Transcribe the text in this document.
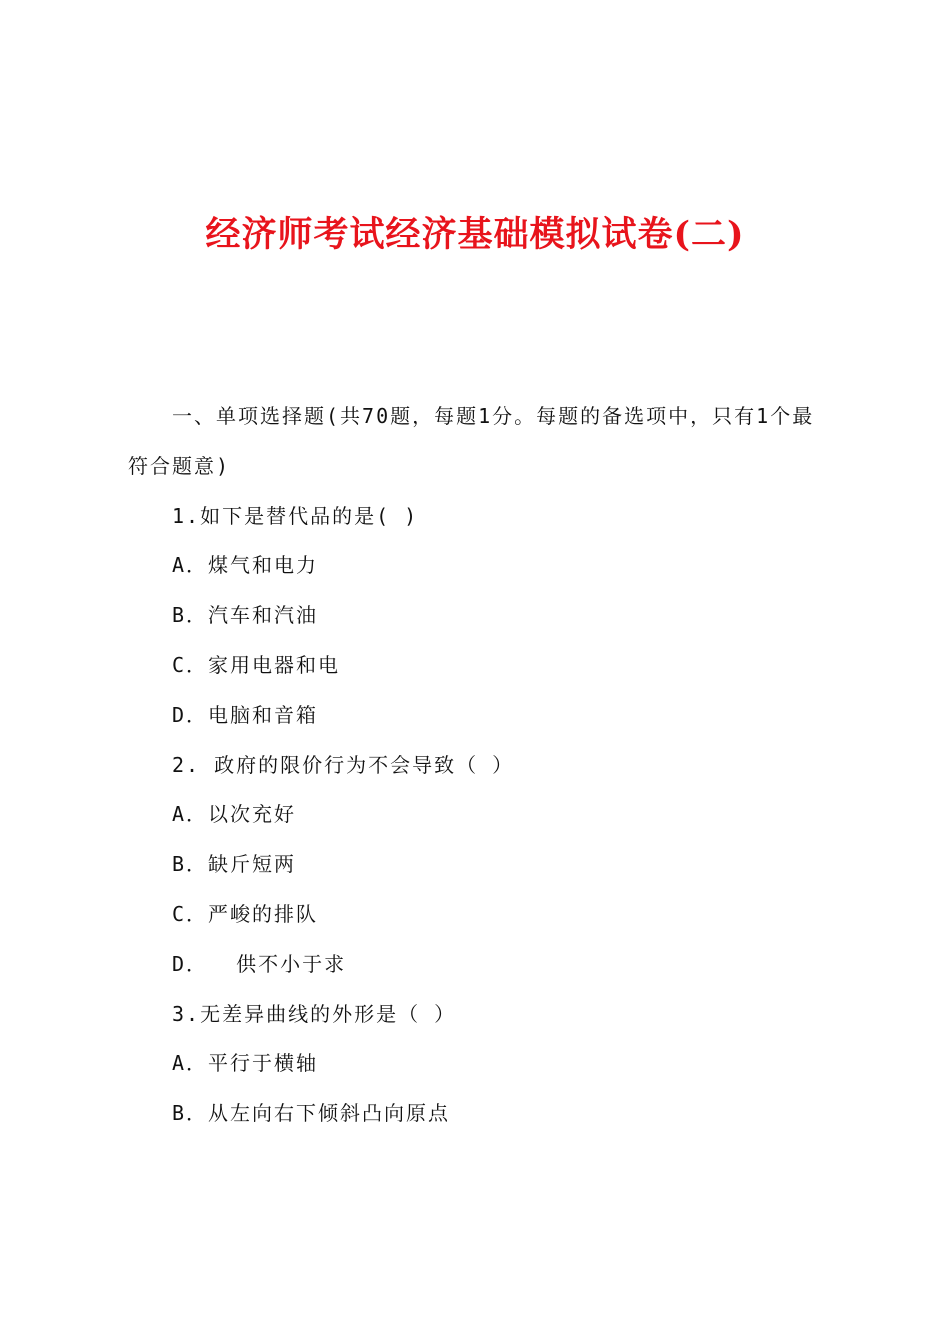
经济师考试经济基础模拟试卷(二)

一、单项选择题(共70题，每题1分。每题的备选项中，只有1个最符合题意)

1.如下是替代品的是( )

A．煤气和电力

B．汽车和汽油

C．家用电器和电

D．电脑和音箱

2. 政府的限价行为不会导致（ ）

A．以次充好

B．缺斤短两

C．严峻的排队

D．  供不小于求

3.无差异曲线的外形是（ ）

A．平行于横轴

B．从左向右下倾斜凸向原点
